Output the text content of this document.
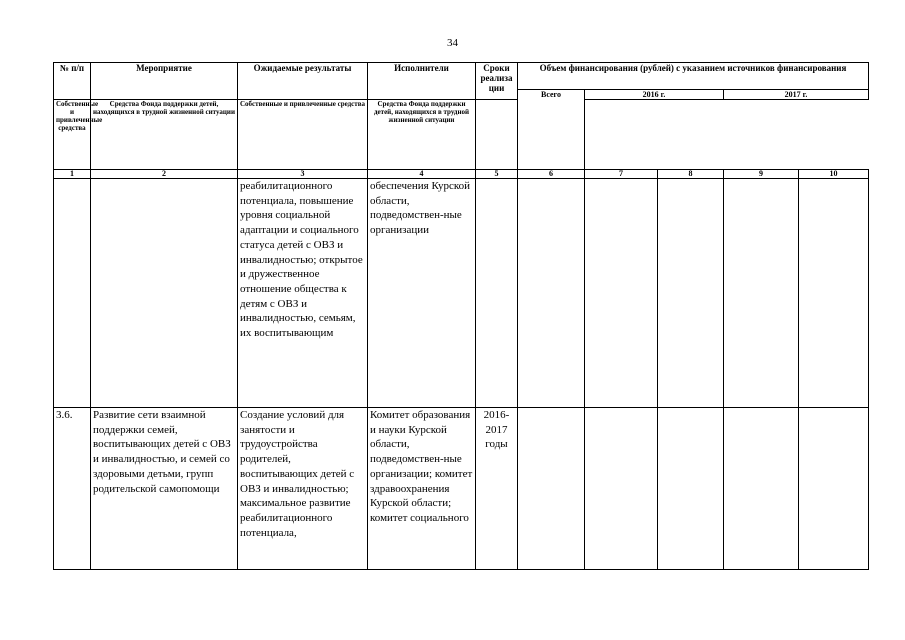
34
№ п/п	Мероприятие	Ожидаемые результаты	Исполнители	Сроки реализа ции	Объем финансирования (рублей) с указанием источников финансирования				

					Всего	2016 г.		2017 г.	
Собственные и привлеченные средства	Средства Фонда поддержки детей, находящихся в трудной жизненной ситуации	Собственные и привлеченные средства	Средства Фонда поддержки детей, находящихся в трудной жизненной ситуации						
1	2	3	4	5	6	7	8	9	10
		реабилитационного потенциала, повышение уровня социальной адаптации и социального статуса детей с ОВЗ и инвалидностью; открытое и дружественное отношение общества к детям с ОВЗ и инвалидностью, семьям, их воспитывающим	обеспечения Курской области, подведомствен-ные организации						
3.6.	Развитие сети взаимной поддержки семей, воспитывающих детей с ОВЗ и инвалидностью, и семей со здоровыми детьми, групп родительской самопомощи	Создание условий для занятости и трудоустройства родителей, воспитывающих детей с ОВЗ и инвалидностью; максимальное развитие реабилитационного потенциала,	Комитет образования и науки Курской области, подведомствен-ные организации; комитет здравоохранения Курской области; комитет социального	2016-2017 годы					
